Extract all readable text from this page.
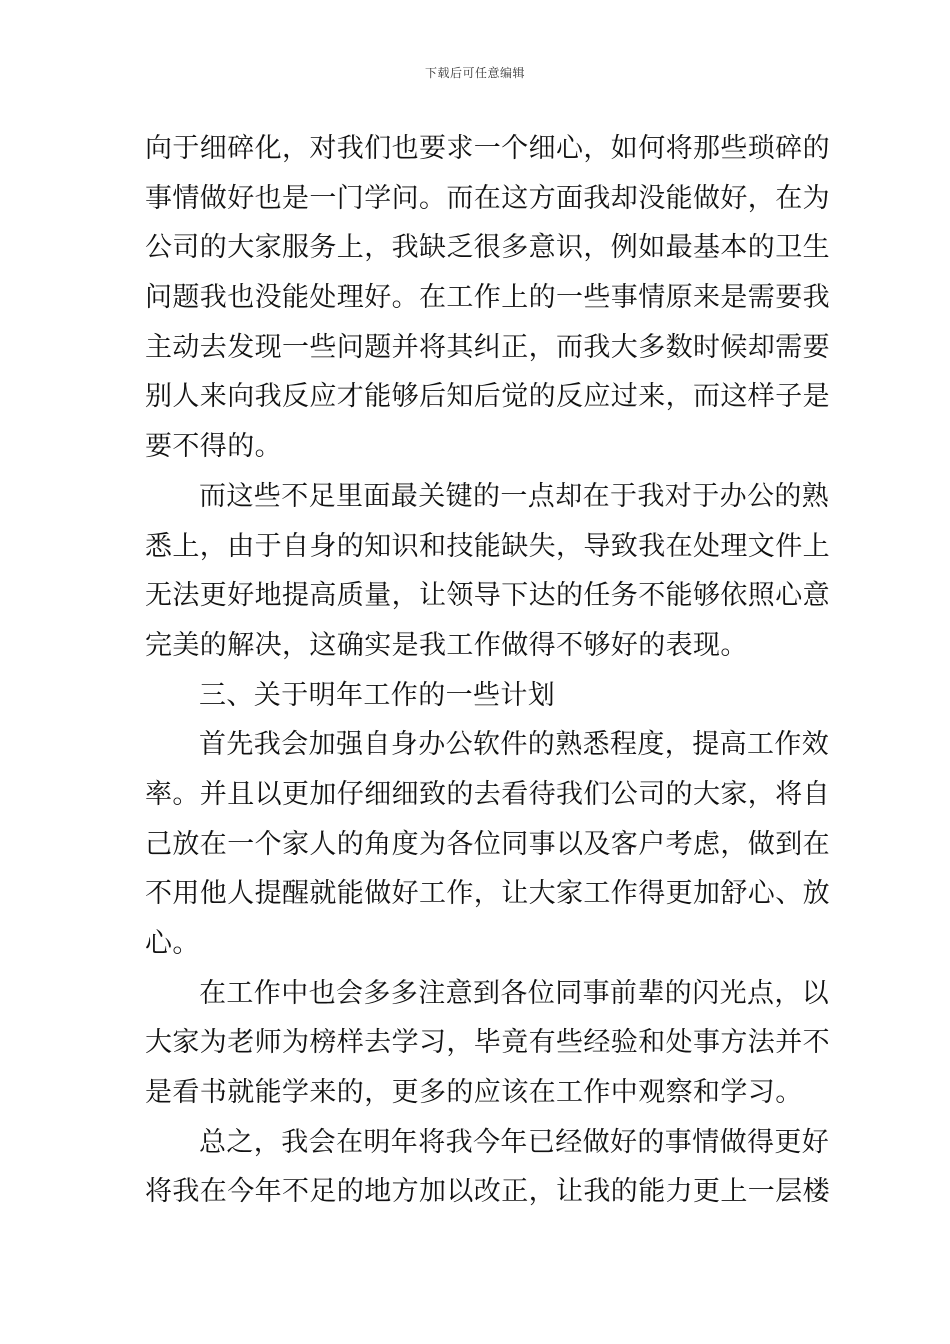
下载后可任意编辑
向于细碎化，对我们也要求一个细心，如何将那些琐碎的
事情做好也是一门学问。而在这方面我却没能做好，在为
公司的大家服务上，我缺乏很多意识，例如最基本的卫生
问题我也没能处理好。在工作上的一些事情原来是需要我
主动去发现一些问题并将其纠正，而我大多数时候却需要
别人来向我反应才能够后知后觉的反应过来，而这样子是
要不得的。
而这些不足里面最关键的一点却在于我对于办公的熟
悉上，由于自身的知识和技能缺失，导致我在处理文件上
无法更好地提高质量，让领导下达的任务不能够依照心意
完美的解决，这确实是我工作做得不够好的表现。
三、关于明年工作的一些计划
首先我会加强自身办公软件的熟悉程度，提高工作效
率。并且以更加仔细细致的去看待我们公司的大家，将自
己放在一个家人的角度为各位同事以及客户考虑，做到在
不用他人提醒就能做好工作，让大家工作得更加舒心、放
心。
在工作中也会多多注意到各位同事前辈的闪光点，以
大家为老师为榜样去学习，毕竟有些经验和处事方法并不
是看书就能学来的，更多的应该在工作中观察和学习。
总之，我会在明年将我今年已经做好的事情做得更好
将我在今年不足的地方加以改正，让我的能力更上一层楼
